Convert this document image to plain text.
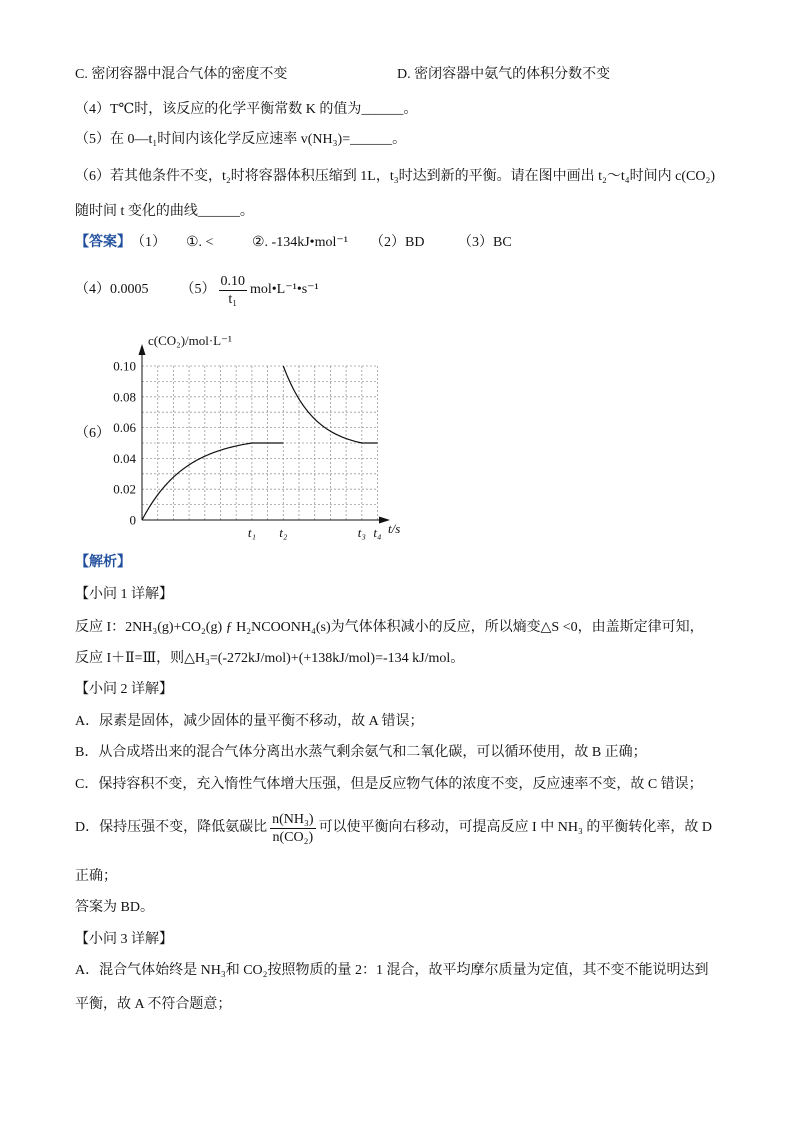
C. 密闭容器中混合气体的密度不变	D. 密闭容器中氨气的体积分数不变
（4）T℃时，该反应的化学平衡常数 K 的值为______。
（5）在 0—t₁时间内该化学反应速率 v(NH₃)=______。
（6）若其他条件不变，t₂时将容器体积压缩到 1L，t₃时达到新的平衡。请在图中画出 t₂～t₄时间内 c(CO₂)
随时间 t 变化的曲线______。
【答案】 （1） ①. <	②. -134kJ•mol⁻¹ （2）BD （3）BC
（4）0.0005 $(5) \frac{0.10}{\text{t₁}}$ mol•L⁻¹•s⁻¹
（6）
c(CO₂)/mol·L⁻¹
t/s
0
0.02
0.04
0.06
0.08
0.10
t₁ t₂	t₃ t₄
【解析】
【小问 1 详解】
反应 I：2NH₃(g)+CO₂(g) ƒ H₂NCOONH₄(s)为气体体积减小的反应，所以熵变△S <0，由盖斯定律可知，
反应 I＋Ⅱ=Ⅲ，则△H₃=(-272kJ/mol)+(+138kJ/mol)=-134 kJ/mol。
【小问 2 详解】
A．尿素是固体，减少固体的量平衡不移动，故 A 错误；
B．从合成塔出来的混合气体分离出水蒸气剩余氨气和二氧化碳，可以循环使用，故 B 正确；
C．保持容积不变，充入惰性气体增大压强，但是反应物气体的浓度不变，反应速率不变，故 C 错误；
D．保持压强不变，降低氨碳比 $\frac{\text{n(NH₃)}}{\text{n(CO₂)}}$ 可以使平衡向右移动，可提高反应 I 中 NH₃ 的平衡转化率，故 D
正确；
答案为 BD。
【小问 3 详解】
A．混合气体始终是 NH₃和 CO₂按照物质的量 2：1 混合，故平均摩尔质量为定值，其不变不能说明达到
平衡，故 A 不符合题意；
